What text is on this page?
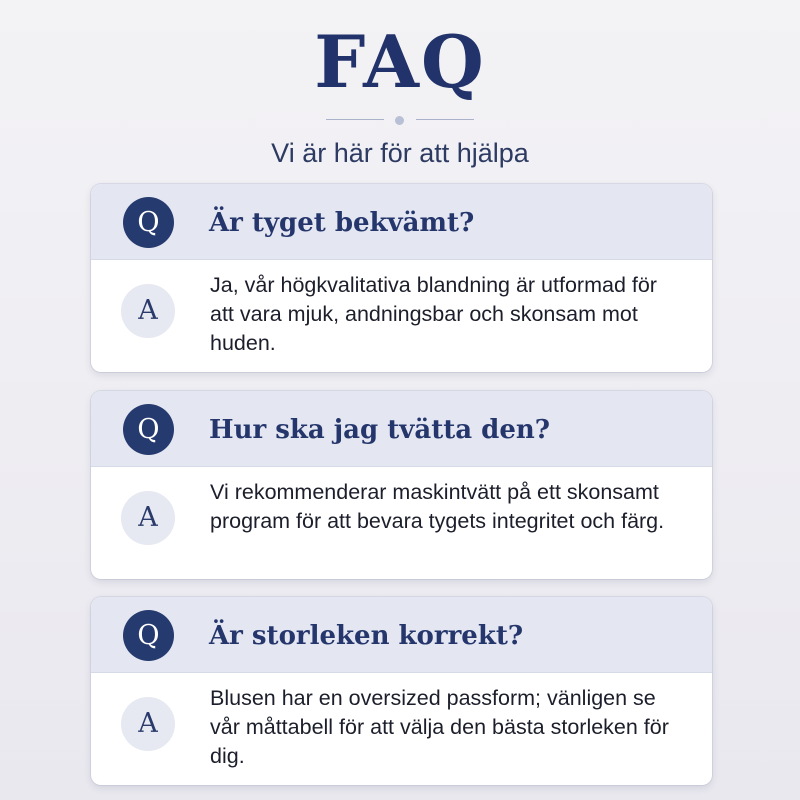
FAQ

Vi är här för att hjälpa

Q	Är tyget bekvämt?
A

Ja, vår högkvalitativa blandning är utformad för att vara mjuk, andningsbar och skonsam mot huden.

Q	Hur ska jag tvätta den?
A

Vi rekommenderar maskintvätt på ett skonsamt program för att bevara tygets integritet och färg.

Q	Är storleken korrekt?
A

Blusen har en oversized passform; vänligen se vår måttabell för att välja den bästa storleken för dig.
